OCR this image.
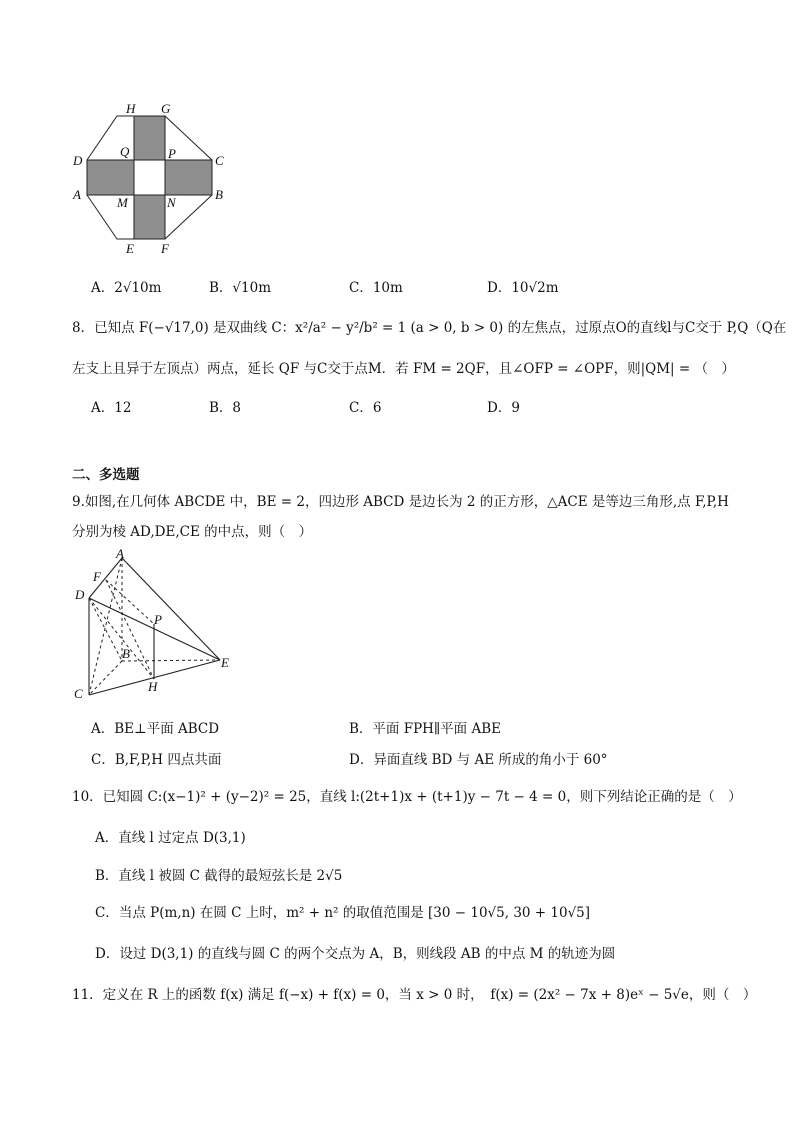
H G
D
Q	P	C
A
M	N
B
E F
A．2√10m	B．√10m	C．10m	D．10√2m
8．已知点 F(−√17,0) 是双曲线 C：x²/a² − y²/b² = 1 (a > 0, b > 0) 的左焦点，过原点O的直线l与C交于 P,Q（Q在
左支上且异于左顶点）两点，延长 QF 与C交于点M．若 FM = 2QF，且∠OFP = ∠OPF，则|QM| = （　）
A．12	B．8	C．6	D．9
二、多选题
9.如图,在几何体 ABCDE 中，BE = 2，四边形 ABCD 是边长为 2 的正方形，△ACE 是等边三角形,点 F,P,H
分别为棱 AD,DE,CE 的中点，则（　）
A
F
D
P
B
E
H
C
A．BE⊥平面 ABCD	B．平面 FPH∥平面 ABE
C．B,F,P,H 四点共面	D．异面直线 BD 与 AE 所成的角小于 60°
10．已知圆 C:(x−1)² + (y−2)² = 25，直线 l:(2t+1)x + (t+1)y − 7t − 4 = 0，则下列结论正确的是（　）
A．直线 l 过定点 D(3,1)
B．直线 l 被圆 C 截得的最短弦长是 2√5
C．当点 P(m,n) 在圆 C 上时，m² + n² 的取值范围是 [30 − 10√5, 30 + 10√5]
D．设过 D(3,1) 的直线与圆 C 的两个交点为 A，B，则线段 AB 的中点 M 的轨迹为圆
11．定义在 R 上的函数 f(x) 满足 f(−x) + f(x) = 0，当 x > 0 时，　f(x) = (2x² − 7x + 8)eˣ − 5√e，则（　）
